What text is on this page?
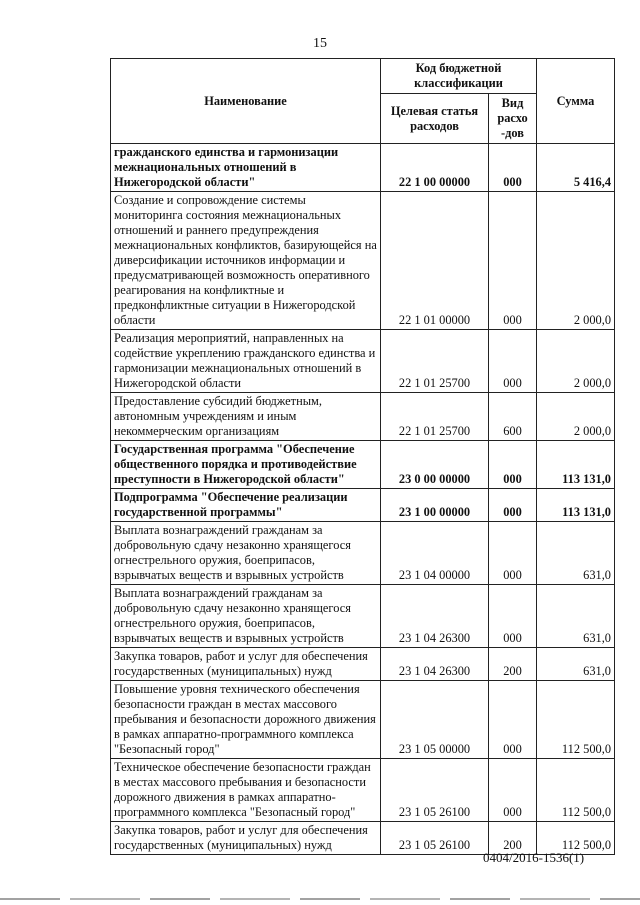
15
Наименование	Код бюджетной классификации		Сумма
	Целевая статья расходов	Вид расхо -дов	
гражданского единства и гармонизации межнациональных отношений в Нижегородской области"	22 1 00 00000	000	5 416,4
Создание и сопровождение системы мониторинга состояния межнациональных отношений и раннего предупреждения межнациональных конфликтов, базирующейся на диверсификации источников информации и предусматривающей возможность оперативного реагирования на конфликтные и предконфликтные ситуации в Нижегородской области	22 1 01 00000	000	2 000,0
Реализация мероприятий, направленных на содействие укреплению гражданского единства и гармонизации межнациональных отношений в Нижегородской области	22 1 01 25700	000	2 000,0
Предоставление субсидий бюджетным, автономным учреждениям и иным некоммерческим организациям	22 1 01 25700	600	2 000,0
Государственная программа "Обеспечение общественного порядка и противодействие преступности в Нижегородской области"	23 0 00 00000	000	113 131,0
Подпрограмма "Обеспечение реализации государственной программы"	23 1 00 00000	000	113 131,0
Выплата вознаграждений гражданам за добровольную сдачу незаконно хранящегося огнестрельного оружия, боеприпасов, взрывчатых веществ и взрывных устройств	23 1 04 00000	000	631,0
Выплата вознаграждений гражданам за добровольную сдачу незаконно хранящегося огнестрельного оружия, боеприпасов, взрывчатых веществ и взрывных устройств	23 1 04 26300	000	631,0
Закупка товаров, работ и услуг для обеспечения государственных (муниципальных) нужд	23 1 04 26300	200	631,0
Повышение уровня технического обеспечения безопасности граждан в местах массового пребывания и безопасности дорожного движения в рамках аппаратно-программного комплекса "Безопасный город"	23 1 05 00000	000	112 500,0
Техническое обеспечение безопасности граждан в местах массового пребывания и безопасности дорожного движения в рамках аппаратно-программного комплекса "Безопасный город"	23 1 05 26100	000	112 500,0
Закупка товаров, работ и услуг для обеспечения государственных (муниципальных) нужд	23 1 05 26100	200	112 500,0
0404/2016-1536(1)
